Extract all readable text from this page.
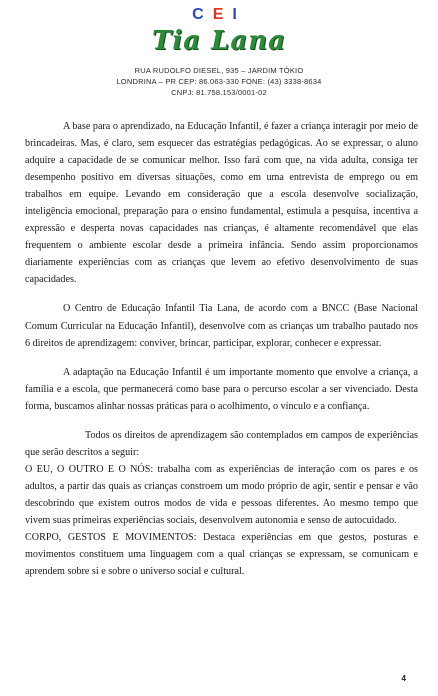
CEI
Tia Lana
RUA RUDOLFO DIESEL, 935 – JARDIM TÓKIO
LONDRINA – PR CEP: 86.063-330 FONE: (43) 3338-8634
CNPJ: 81.758.153/0001-02

A base para o aprendizado, na Educação Infantil, é fazer a criança interagir por meio de brincadeiras. Mas, é claro, sem esquecer das estratégias pedagógicas. Ao se expressar, o aluno adquire a capacidade de se comunicar melhor. Isso fará com que, na vida adulta, consiga ter desempenho positivo em diversas situações, como em uma entrevista de emprego ou em trabalhos em equipe. Levando em consideração que a escola desenvolve socialização, inteligência emocional, preparação para o ensino fundamental, estimula a pesquisa, incentiva a expressão e desperta novas capacidades nas crianças, é altamente recomendável que elas frequentem o ambiente escolar desde a primeira infância. Sendo assim proporcionamos diariamente experiências com as crianças que levem ao efetivo desenvolvimento de suas capacidades.

O Centro de Educação Infantil Tia Lana, de acordo com a BNCC (Base Nacional Comum Curricular na Educação Infantil), desenvolve com as crianças um trabalho pautado nos 6 direitos de aprendizagem: conviver, brincar, participar, explorar, conhecer e expressar.

A adaptação na Educação Infantil é um importante momento que envolve a criança, a família e a escola, que permanecerá como base para o percurso escolar a ser vivenciado. Desta forma, buscamos alinhar nossas práticas para o acolhimento, o vínculo e a confiança.

Todos os direitos de aprendizagem são contemplados em campos de experiências que serão descritos a seguir:

O EU, O OUTRO E O NÓS: trabalha com as experiências de interação com os pares e os adultos, a partir das quais as crianças constroem um modo próprio de agir, sentir e pensar e vão descobrindo que existem outros modos de vida e pessoas diferentes. Ao mesmo tempo que vivem suas primeiras experiências sociais, desenvolvem autonomia e senso de autocuidado.

CORPO, GESTOS E MOVIMENTOS: Destaca experiências em que gestos, posturas e movimentos constituem uma linguagem com a qual crianças se expressam, se comunicam e aprendem sobre si e sobre o universo social e cultural.

4
